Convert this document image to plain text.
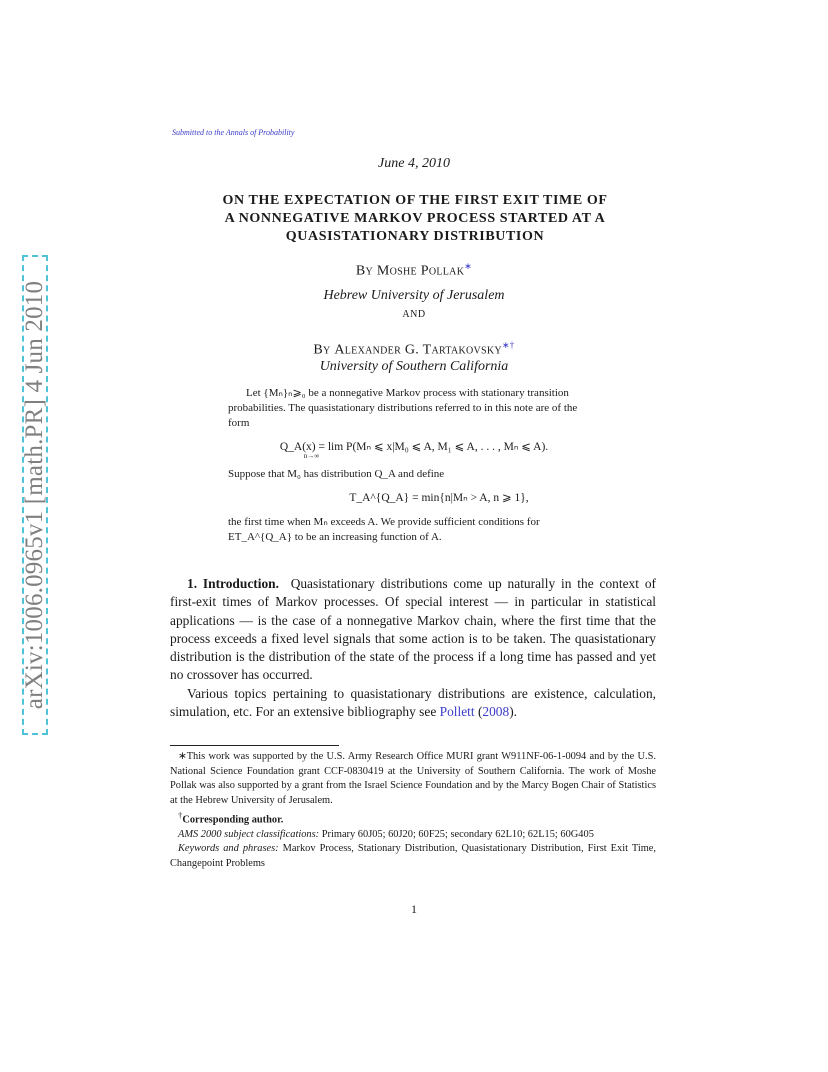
arXiv:1006.0965v1 [math.PR] 4 Jun 2010
Submitted to the Annals of Probability
June 4, 2010
ON THE EXPECTATION OF THE FIRST EXIT TIME OF
A NONNEGATIVE MARKOV PROCESS STARTED AT A
QUASISTATIONARY DISTRIBUTION
By Moshe Pollak∗
Hebrew University of Jerusalem
AND
By Alexander G. Tartakovsky∗†
University of Southern California
Let {Mₙ}ₙ⩾₀ be a nonnegative Markov process with stationary transition probabilities. The quasistationary distributions referred to in this note are of the form
Q_A(x) = lim P(Mₙ ⩽ x|M₀ ⩽ A, M₁ ⩽ A, . . . , Mₙ ⩽ A).
n→∞
Suppose that M₀ has distribution Q_A and define
T_A^{Q_A} = min{n|Mₙ > A, n ⩾ 1},
the first time when Mₙ exceeds A. We provide sufficient conditions for ET_A^{Q_A} to be an increasing function of A.

1. Introduction. Quasistationary distributions come up naturally in the context of first-exit times of Markov processes. Of special interest — in particular in statistical applications — is the case of a nonnegative Markov chain, where the first time that the process exceeds a fixed level signals that some action is to be taken. The quasistationary distribution is the distribution of the state of the process if a long time has passed and yet no crossover has occurred.

Various topics pertaining to quasistationary distributions are existence, calculation, simulation, etc. For an extensive bibliography see Pollett (2008).

∗This work was supported by the U.S. Army Research Office MURI grant W911NF-06-1-0094 and by the U.S. National Science Foundation grant CCF-0830419 at the University of Southern California. The work of Moshe Pollak was also supported by a grant from the Israel Science Foundation and by the Marcy Bogen Chair of Statistics at the Hebrew University of Jerusalem.

†Corresponding author.

AMS 2000 subject classifications: Primary 60J05; 60J20; 60F25; secondary 62L10; 62L15; 60G405

Keywords and phrases: Markov Process, Stationary Distribution, Quasistationary Distribution, First Exit Time, Changepoint Problems

1
